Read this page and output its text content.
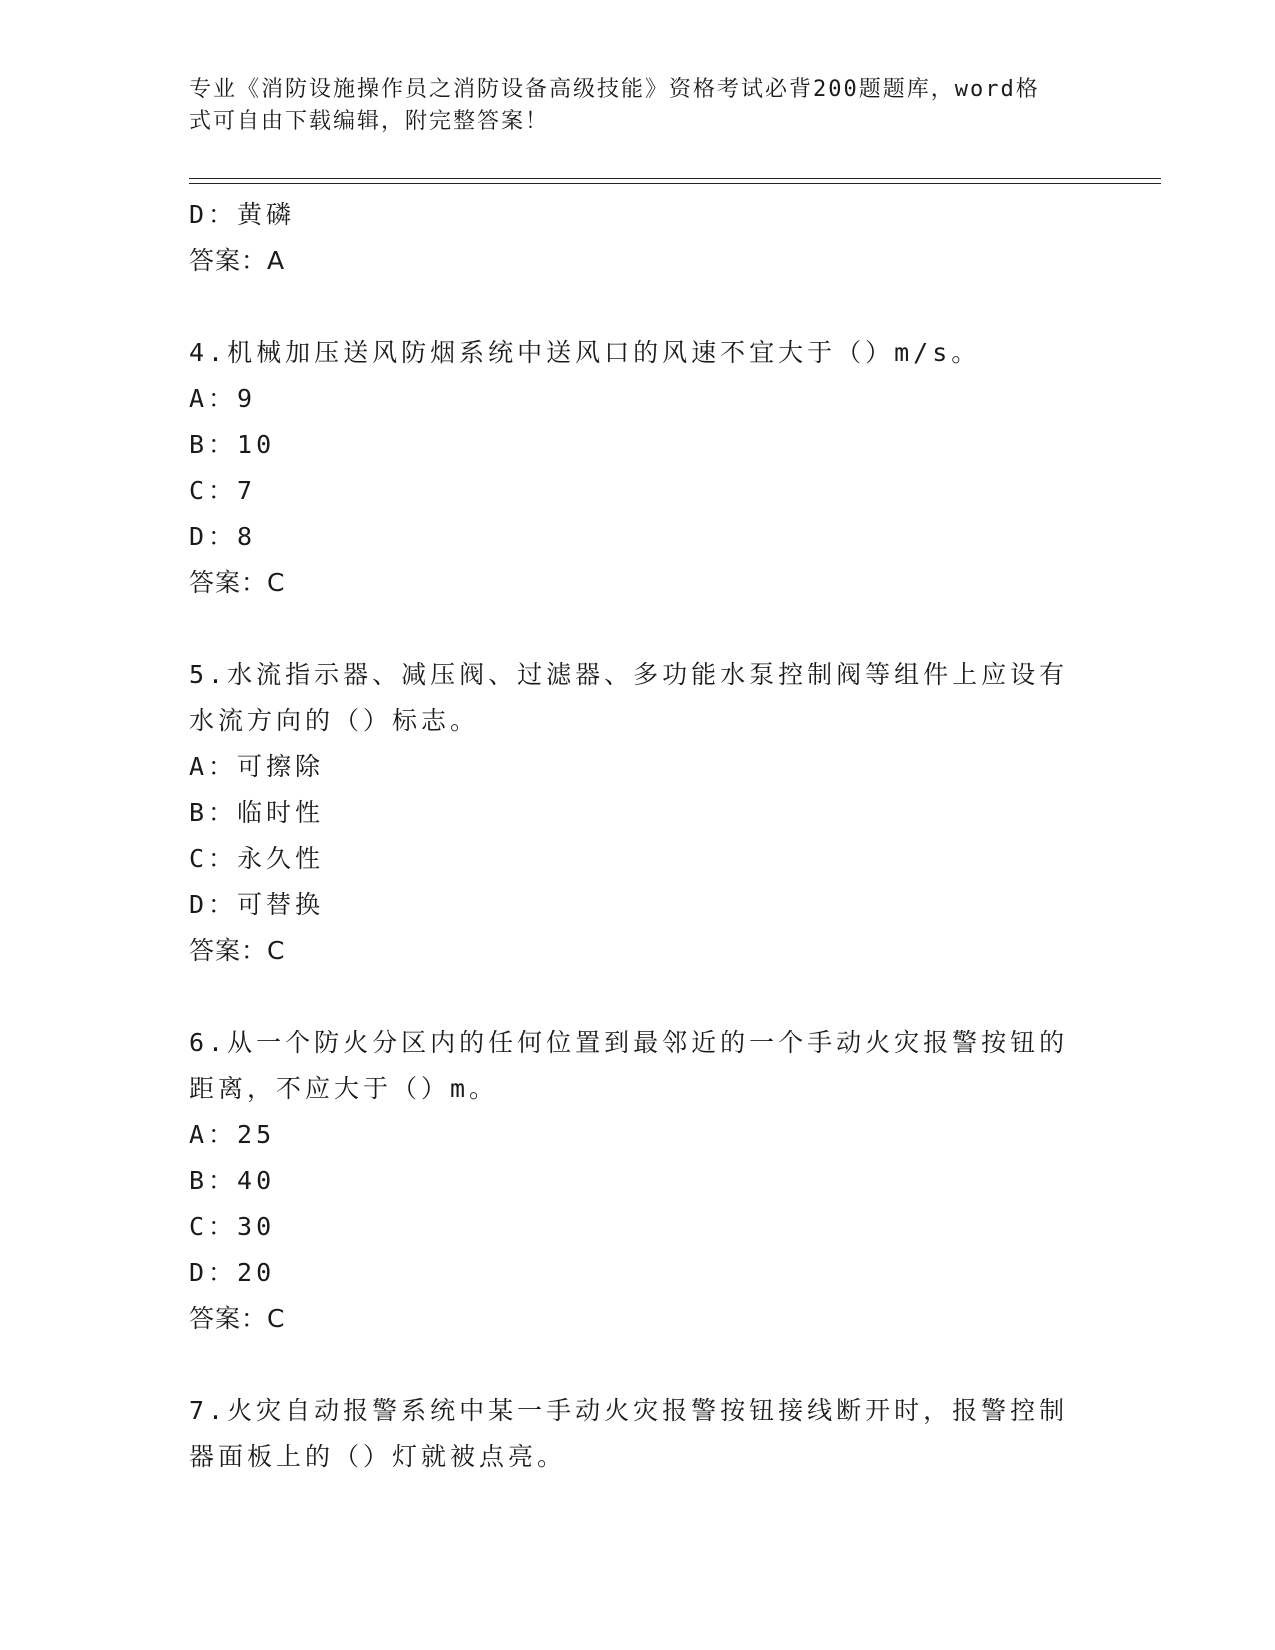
专业《消防设施操作员之消防设备高级技能》资格考试必背200题题库，word格
式可自由下载编辑，附完整答案！
D：黄磷
答案：A
4.机械加压送风防烟系统中送风口的风速不宜大于（）m/s。
A：9
B：10
C：7
D：8
答案：C
5.水流指示器、减压阀、过滤器、多功能水泵控制阀等组件上应设有
水流方向的（）标志。
A：可擦除
B：临时性
C：永久性
D：可替换
答案：C
6.从一个防火分区内的任何位置到最邻近的一个手动火灾报警按钮的
距离，不应大于（）m。
A：25
B：40
C：30
D：20
答案：C
7.火灾自动报警系统中某一手动火灾报警按钮接线断开时，报警控制
器面板上的（）灯就被点亮。
